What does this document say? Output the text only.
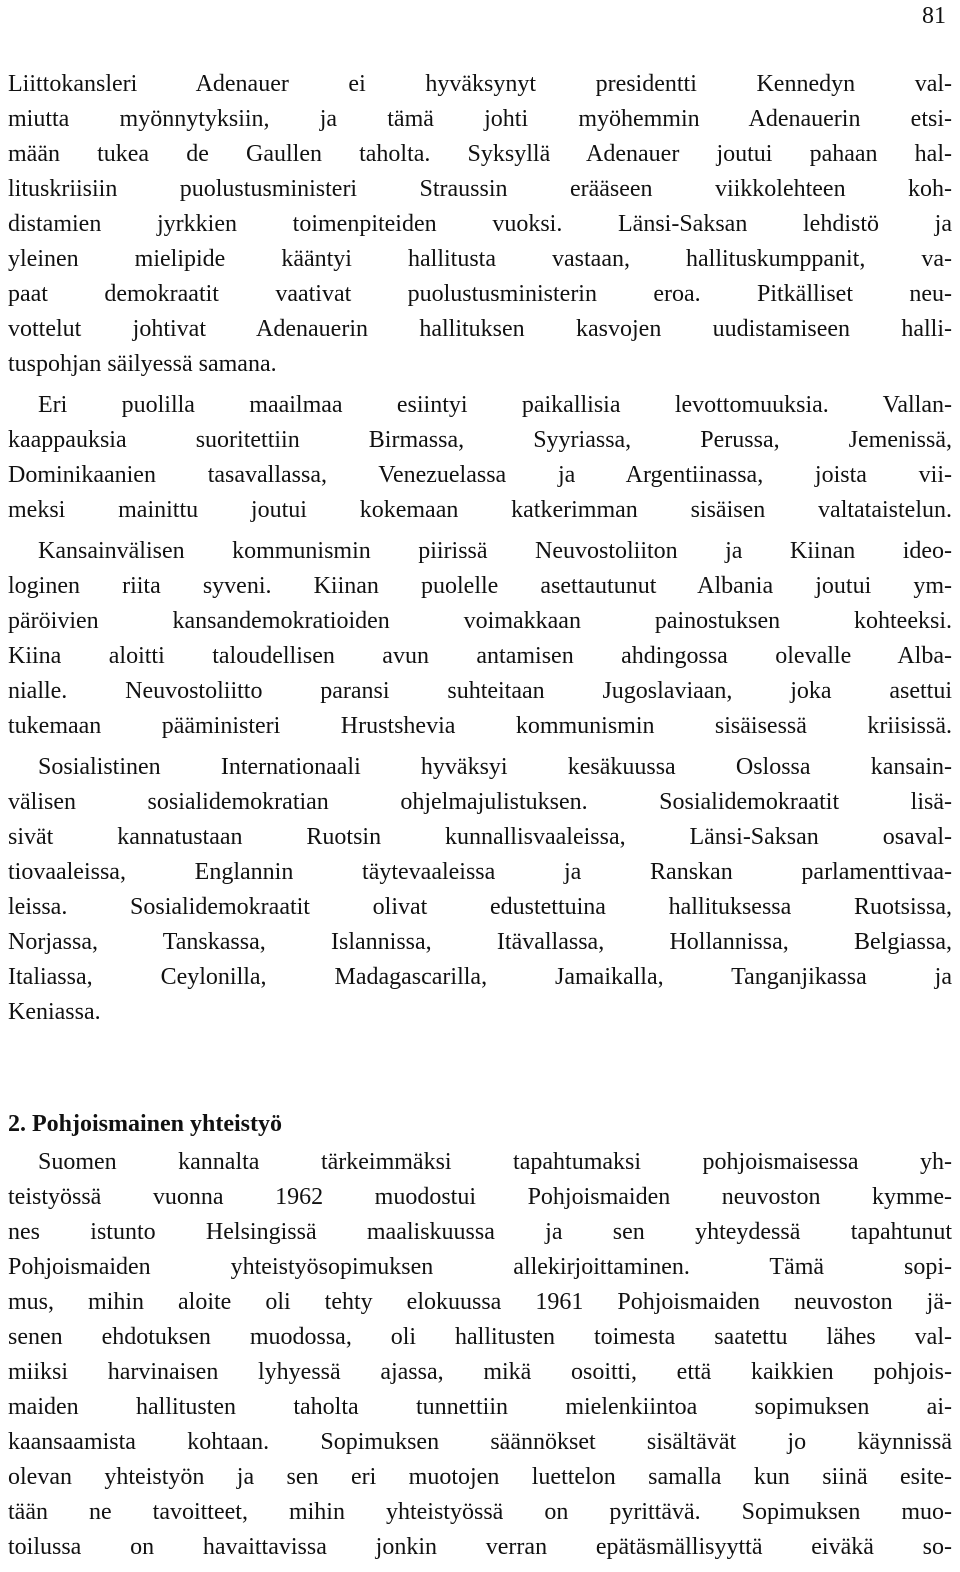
81
Liittokansleri Adenauer ei hyväksynyt presidentti Kennedyn val-
miutta myönnytyksiin, ja tämä johti myöhemmin Adenauerin etsi-
mään tukea de Gaullen taholta. Syksyllä Adenauer joutui pahaan hal-
lituskriisiin puolustusministeri Straussin erääseen viikkolehteen koh-
distamien jyrkkien toimenpiteiden vuoksi. Länsi-Saksan lehdistö ja
yleinen mielipide kääntyi hallitusta vastaan, hallituskumppanit, va-
paat demokraatit vaativat puolustusministerin eroa. Pitkälliset neu-
vottelut johtivat Adenauerin hallituksen kasvojen uudistamiseen halli-
tuspohjan säilyessä samana.
Eri puolilla maailmaa esiintyi paikallisia levottomuuksia. Vallan-
kaappauksia suoritettiin Birmassa, Syyriassa, Perussa, Jemenissä,
Dominikaanien tasavallassa, Venezuelassa ja Argentiinassa, joista vii-
meksi mainittu joutui kokemaan katkerimman sisäisen valtataistelun.
Kansainvälisen kommunismin piirissä Neuvostoliiton ja Kiinan ideo-
loginen riita syveni. Kiinan puolelle asettautunut Albania joutui ym-
päröivien kansandemokratioiden voimakkaan painostuksen kohteeksi.
Kiina aloitti taloudellisen avun antamisen ahdingossa olevalle Alba-
nialle. Neuvostoliitto paransi suhteitaan Jugoslaviaan, joka asettui
tukemaan pääministeri Hrustshevia kommunismin sisäisessä kriisissä.
Sosialistinen Internationaali hyväksyi kesäkuussa Oslossa kansain-
välisen sosialidemokratian ohjelmajulistuksen. Sosialidemokraatit lisä-
sivät kannatustaan Ruotsin kunnallisvaaleissa, Länsi-Saksan osaval-
tiovaaleissa, Englannin täytevaaleissa ja Ranskan parlamenttivaa-
leissa. Sosialidemokraatit olivat edustettuina hallituksessa Ruotsissa,
Norjassa, Tanskassa, Islannissa, Itävallassa, Hollannissa, Belgiassa,
Italiassa, Ceylonilla, Madagascarilla, Jamaikalla, Tanganjikassa ja
Keniassa.
2. Pohjoismainen yhteistyö
Suomen kannalta tärkeimmäksi tapahtumaksi pohjoismaisessa yh-
teistyössä vuonna 1962 muodostui Pohjoismaiden neuvoston kymme-
nes istunto Helsingissä maaliskuussa ja sen yhteydessä tapahtunut
Pohjoismaiden yhteistyösopimuksen allekirjoittaminen. Tämä sopi-
mus, mihin aloite oli tehty elokuussa 1961 Pohjoismaiden neuvoston jä-
senen ehdotuksen muodossa, oli hallitusten toimesta saatettu lähes val-
miiksi harvinaisen lyhyessä ajassa, mikä osoitti, että kaikkien pohjois-
maiden hallitusten taholta tunnettiin mielenkiintoa sopimuksen ai-
kaansaamista kohtaan. Sopimuksen säännökset sisältävät jo käynnissä
olevan yhteistyön ja sen eri muotojen luettelon samalla kun siinä esite-
tään ne tavoitteet, mihin yhteistyössä on pyrittävä. Sopimuksen muo-
toilussa on havaittavissa jonkin verran epätäsmällisyyttä eiväkä so-
